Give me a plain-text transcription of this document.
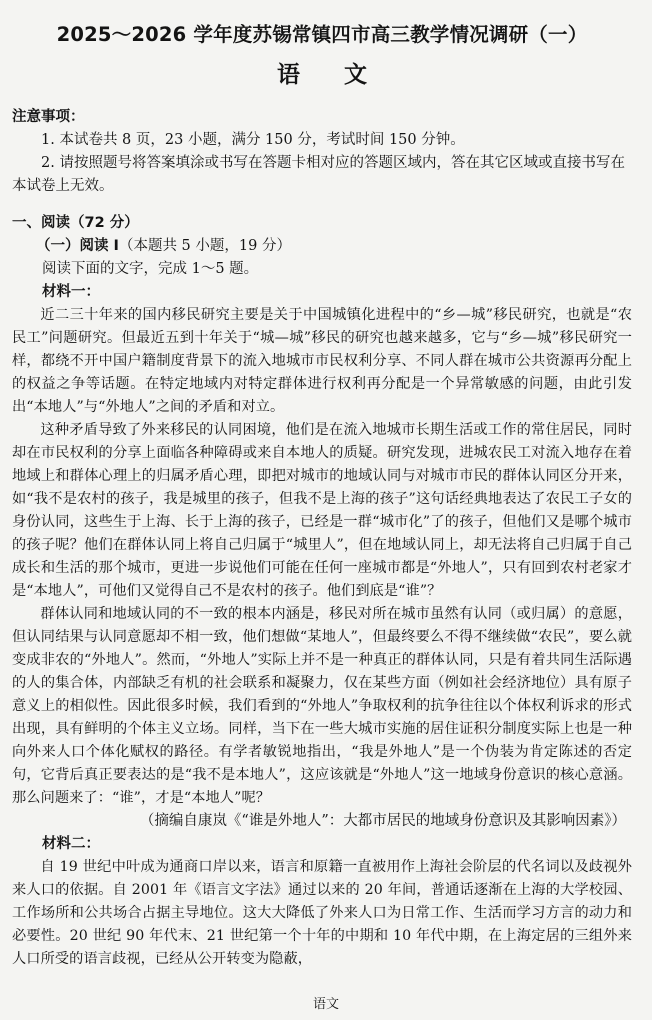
2025～2026 学年度苏锡常镇四市高三教学情况调研（一）
语 文

注意事项：

1. 本试卷共 8 页，23 小题，满分 150 分，考试时间 150 分钟。

2. 请按照题号将答案填涂或书写在答题卡相对应的答题区域内，答在其它区域或直接书写在本试卷上无效。

一、阅读（72 分）

（一）阅读 I（本题共 5 小题，19 分）

阅读下面的文字，完成 1～5 题。

材料一：

近二三十年来的国内移民研究主要是关于中国城镇化进程中的“乡—城”移民研究，也就是“农民工”问题研究。但最近五到十年关于“城—城”移民的研究也越来越多，它与“乡—城”移民研究一样，都绕不开中国户籍制度背景下的流入地城市市民权利分享、不同人群在城市公共资源再分配上的权益之争等话题。在特定地域内对特定群体进行权利再分配是一个异常敏感的问题，由此引发出“本地人”与“外地人”之间的矛盾和对立。

这种矛盾导致了外来移民的认同困境，他们是在流入地城市长期生活或工作的常住居民，同时却在市民权利的分享上面临各种障碍或来自本地人的质疑。研究发现，进城农民工对流入地存在着地域上和群体心理上的归属矛盾心理，即把对城市的地域认同与对城市市民的群体认同区分开来，如“我不是农村的孩子，我是城里的孩子，但我不是上海的孩子”这句话经典地表达了农民工子女的身份认同，这些生于上海、长于上海的孩子，已经是一群“城市化”了的孩子，但他们又是哪个城市的孩子呢？他们在群体认同上将自己归属于“城里人”，但在地域认同上，却无法将自己归属于自己成长和生活的那个城市，更进一步说他们可能在任何一座城市都是“外地人”，只有回到农村老家才是“本地人”，可他们又觉得自己不是农村的孩子。他们到底是“谁”？

群体认同和地域认同的不一致的根本内涵是，移民对所在城市虽然有认同（或归属）的意愿，但认同结果与认同意愿却不相一致，他们想做“某地人”，但最终要么不得不继续做“农民”，要么就变成非农的“外地人”。然而，“外地人”实际上并不是一种真正的群体认同，只是有着共同生活际遇的人的集合体，内部缺乏有机的社会联系和凝聚力，仅在某些方面（例如社会经济地位）具有原子意义上的相似性。因此很多时候，我们看到的“外地人”争取权利的抗争往往以个体权利诉求的形式出现，具有鲜明的个体主义立场。同样，当下在一些大城市实施的居住证积分制度实际上也是一种向外来人口个体化赋权的路径。有学者敏锐地指出，“我是外地人”是一个伪装为肯定陈述的否定句，它背后真正要表达的是“我不是本地人”，这应该就是“外地人”这一地域身份意识的核心意涵。那么问题来了：“谁”，才是“本地人”呢？

（摘编自康岚《“谁是外地人”：大都市居民的地域身份意识及其影响因素》）

材料二：

自 19 世纪中叶成为通商口岸以来，语言和原籍一直被用作上海社会阶层的代名词以及歧视外来人口的依据。自 2001 年《语言文字法》通过以来的 20 年间，普通话逐渐在上海的大学校园、工作场所和公共场合占据主导地位。这大大降低了外来人口为日常工作、生活而学习方言的动力和必要性。20 世纪 90 年代末、21 世纪第一个十年的中期和 10 年代中期，在上海定居的三组外来人口所受的语言歧视，已经从公开转变为隐蔽，

语文
